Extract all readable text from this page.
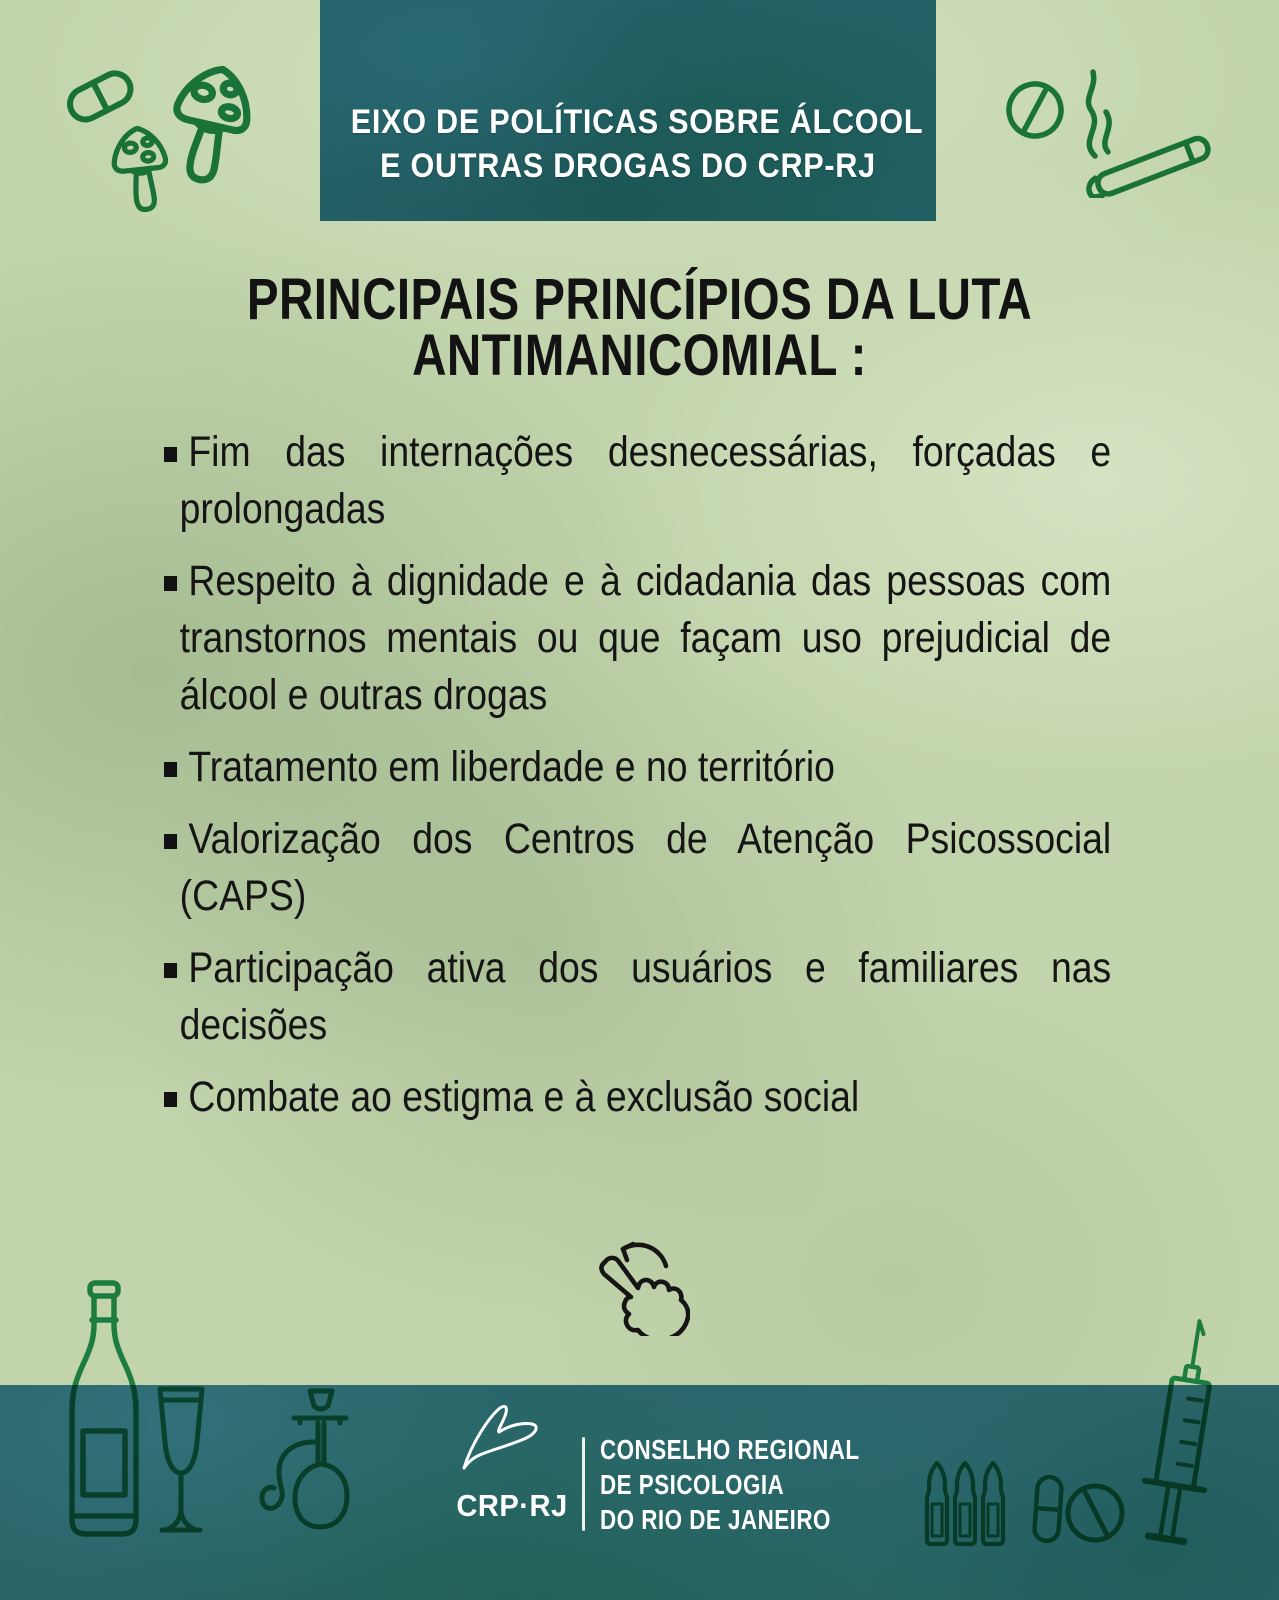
EIXO DE POLÍTICAS SOBRE ÁLCOOL
E OUTRAS DROGAS DO CRP-RJ
PRINCIPAIS PRINCÍPIOS DA LUTA
ANTIMANICOMIAL :
Fim das internações desnecessárias, forçadas e prolongadas
Respeito à dignidade e à cidadania das pessoas com transtornos mentais ou que façam uso prejudicial de álcool e outras drogas
Tratamento em liberdade e no território
Valorização dos Centros de Atenção Psicossocial (CAPS)
Participação ativa dos usuários e familiares nas decisões
Combate ao estigma e à exclusão social
CRP·RJ
CONSELHO REGIONAL
DE PSICOLOGIA
DO RIO DE JANEIRO
